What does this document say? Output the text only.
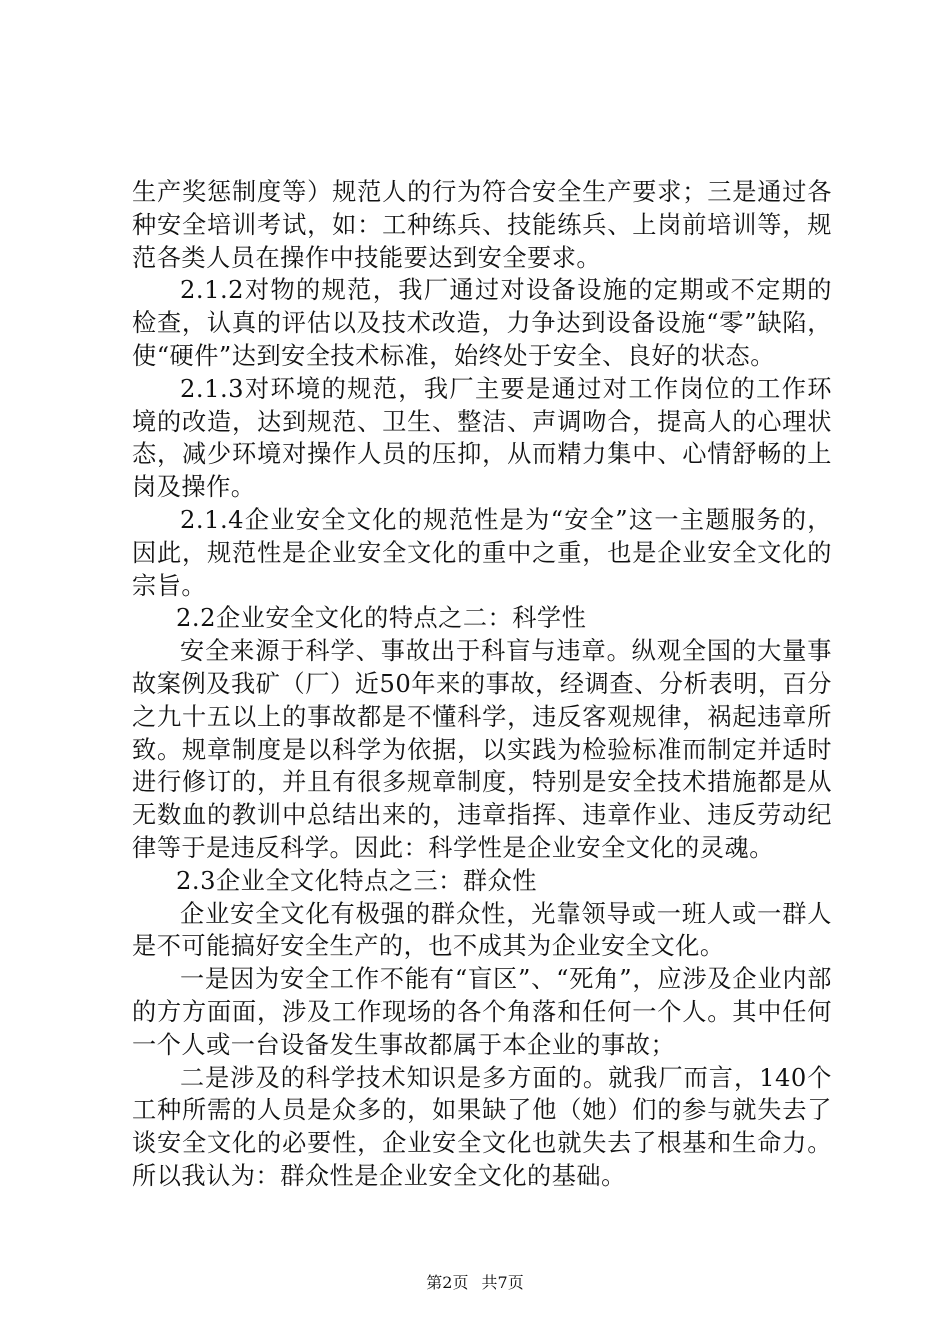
生产奖惩制度等）规范人的行为符合安全生产要求；三是通过各种安全培训考试，如：工种练兵、技能练兵、上岗前培训等，规范各类人员在操作中技能要达到安全要求。

2.1.2对物的规范，我厂通过对设备设施的定期或不定期的检查，认真的评估以及技术改造，力争达到设备设施“零”缺陷，使“硬件”达到安全技术标准，始终处于安全、良好的状态。

2.1.3对环境的规范，我厂主要是通过对工作岗位的工作环境的改造，达到规范、卫生、整洁、声调吻合，提高人的心理状态，减少环境对操作人员的压抑，从而精力集中、心情舒畅的上岗及操作。

2.1.4企业安全文化的规范性是为“安全”这一主题服务的，因此，规范性是企业安全文化的重中之重，也是企业安全文化的宗旨。

2.2企业安全文化的特点之二：科学性

安全来源于科学、事故出于科盲与违章。纵观全国的大量事故案例及我矿（厂）近50年来的事故，经调查、分析表明，百分之九十五以上的事故都是不懂科学，违反客观规律，祸起违章所致。规章制度是以科学为依据，以实践为检验标准而制定并适时进行修订的，并且有很多规章制度，特别是安全技术措施都是从无数血的教训中总结出来的，违章指挥、违章作业、违反劳动纪律等于是违反科学。因此：科学性是企业安全文化的灵魂。

2.3企业全文化特点之三：群众性

企业安全文化有极强的群众性，光靠领导或一班人或一群人是不可能搞好安全生产的，也不成其为企业安全文化。

一是因为安全工作不能有“盲区”、“死角”，应涉及企业内部的方方面面，涉及工作现场的各个角落和任何一个人。其中任何一个人或一台设备发生事故都属于本企业的事故；

二是涉及的科学技术知识是多方面的。就我厂而言，140个工种所需的人员是众多的，如果缺了他（她）们的参与就失去了谈安全文化的必要性，企业安全文化也就失去了根基和生命力。所以我认为：群众性是企业安全文化的基础。

第2页 共7页
